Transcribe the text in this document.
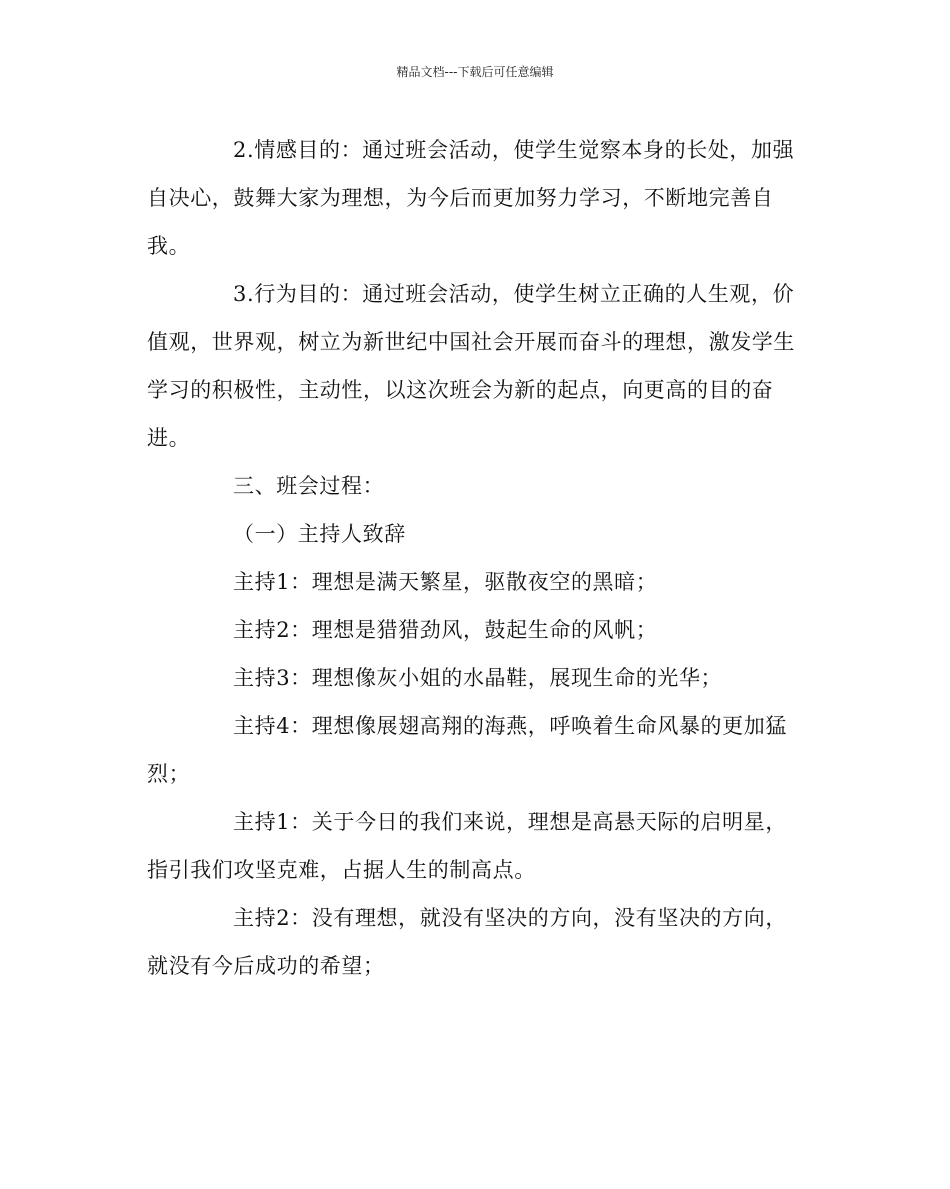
精品文档---下载后可任意编辑

2.情感目的：通过班会活动，使学生觉察本身的长处，加强自决心，鼓舞大家为理想，为今后而更加努力学习，不断地完善自我。

3.行为目的：通过班会活动，使学生树立正确的人生观，价值观，世界观，树立为新世纪中国社会开展而奋斗的理想，激发学生学习的积极性，主动性，以这次班会为新的起点，向更高的目的奋进。

三、班会过程：

（一）主持人致辞

主持1：理想是满天繁星，驱散夜空的黑暗；

主持2：理想是猎猎劲风，鼓起生命的风帆；

主持3：理想像灰小姐的水晶鞋，展现生命的光华；

主持4：理想像展翅高翔的海燕，呼唤着生命风暴的更加猛烈；

主持1：关于今日的我们来说，理想是高悬天际的启明星，指引我们攻坚克难，占据人生的制高点。

主持2：没有理想，就没有坚决的方向，没有坚决的方向，就没有今后成功的希望；
